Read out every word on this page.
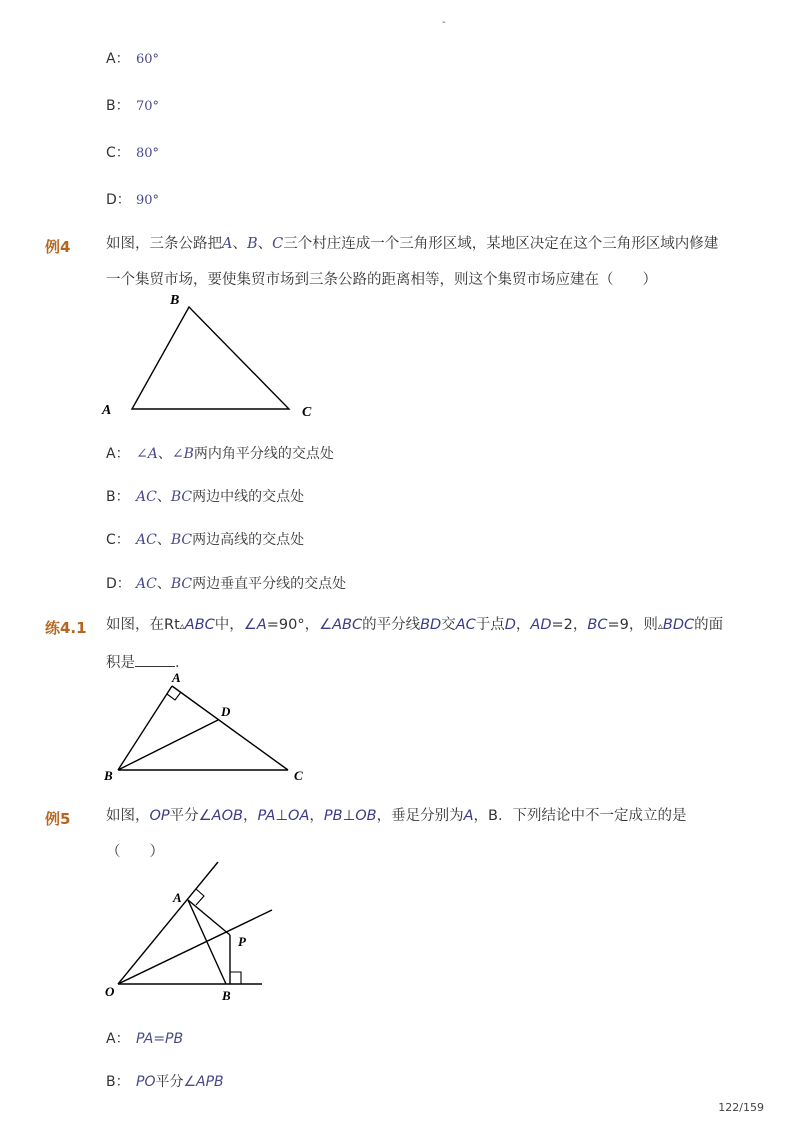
-
A： 60°
B： 70°
C： 80°
D： 90°
例4 如图，三条公路把A、B、C三个村庄连成一个三角形区域，某地区决定在这个三角形区域内修建一个集贸市场，要使集贸市场到三条公路的距离相等，则这个集贸市场应建在（　　）
A
B
C
A： ∠A、∠B两内角平分线的交点处
B： AC、BC两边中线的交点处
C： AC、BC两边高线的交点处
D： AC、BC两边垂直平分线的交点处
练4.1 如图，在Rt▵ABC中，∠A=90°，∠ABC的平分线BD交AC于点D，AD=2，BC=9，则▵BDC的面积是	．
A
B	C
D
例5 如图，OP平分∠AOB，PA⊥OA，PB⊥OB，垂足分别为A，B．下列结论中不一定成立的是（　　）
A
O	B
P
A： PA=PB
B： PO平分∠APB
122/159
